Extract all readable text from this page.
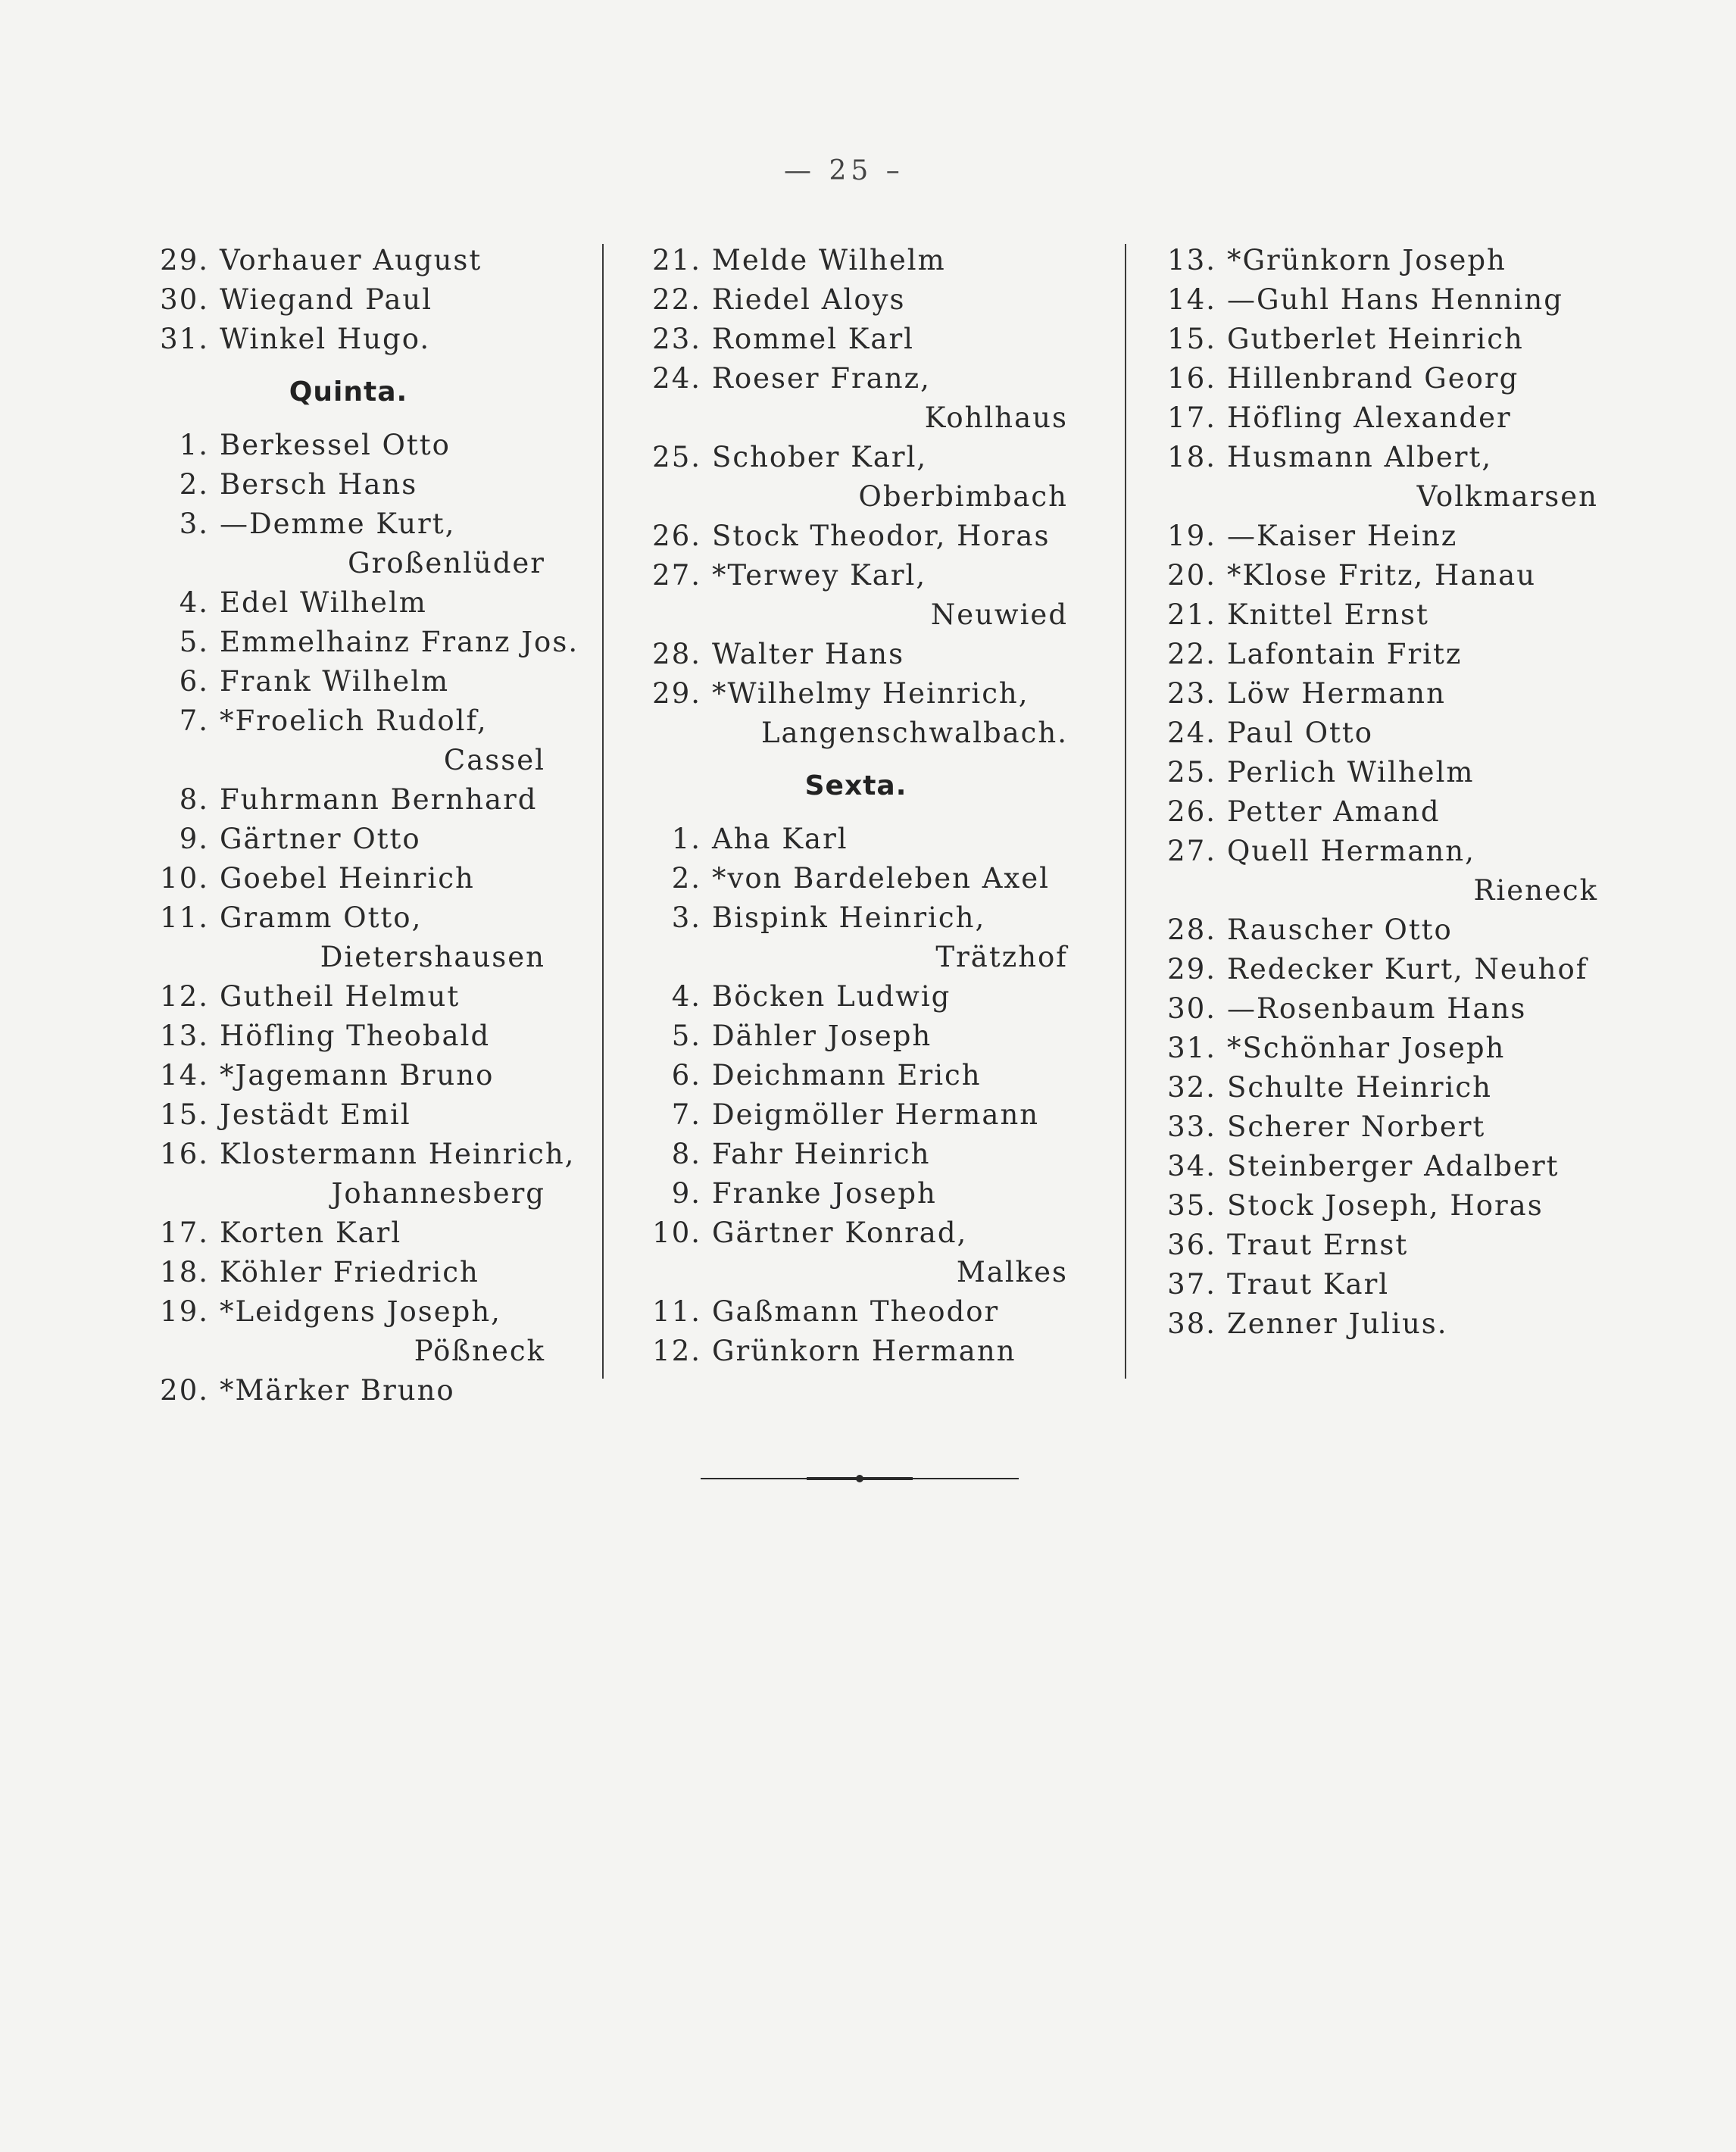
— 25 –
29. Vorhauer August
30. Wiegand Paul
31. Winkel Hugo.
Quinta.
1. Berkessel Otto
2. Bersch Hans
3. —Demme Kurt,
Großenlüder
4. Edel Wilhelm
5. Emmelhainz Franz Jos.
6. Frank Wilhelm
7. *Froelich Rudolf,
Cassel
8. Fuhrmann Bernhard
9. Gärtner Otto
10. Goebel Heinrich
11. Gramm Otto,
Dietershausen
12. Gutheil Helmut
13. Höfling Theobald
14. *Jagemann Bruno
15. Jestädt Emil
16. Klostermann Heinrich,
Johannesberg
17. Korten Karl
18. Köhler Friedrich
19. *Leidgens Joseph,
Pößneck
20. *Märker Bruno
21. Melde Wilhelm
22. Riedel Aloys
23. Rommel Karl
24. Roeser Franz,
Kohlhaus
25. Schober Karl,
Oberbimbach
26. Stock Theodor, Horas
27. *Terwey Karl,
Neuwied
28. Walter Hans
29. *Wilhelmy Heinrich,
Langenschwalbach.
Sexta.
1. Aha Karl
2. *von Bardeleben Axel
3. Bispink Heinrich,
Trätzhof
4. Böcken Ludwig
5. Dähler Joseph
6. Deichmann Erich
7. Deigmöller Hermann
8. Fahr Heinrich
9. Franke Joseph
10. Gärtner Konrad,
Malkes
11. Gaßmann Theodor
12. Grünkorn Hermann
13. *Grünkorn Joseph
14. —Guhl Hans Henning
15. Gutberlet Heinrich
16. Hillenbrand Georg
17. Höfling Alexander
18. Husmann Albert,
Volkmarsen
19. —Kaiser Heinz
20. *Klose Fritz, Hanau
21. Knittel Ernst
22. Lafontain Fritz
23. Löw Hermann
24. Paul Otto
25. Perlich Wilhelm
26. Petter Amand
27. Quell Hermann,
Rieneck
28. Rauscher Otto
29. Redecker Kurt, Neuhof
30. —Rosenbaum Hans
31. *Schönhar Joseph
32. Schulte Heinrich
33. Scherer Norbert
34. Steinberger Adalbert
35. Stock Joseph, Horas
36. Traut Ernst
37. Traut Karl
38. Zenner Julius.
